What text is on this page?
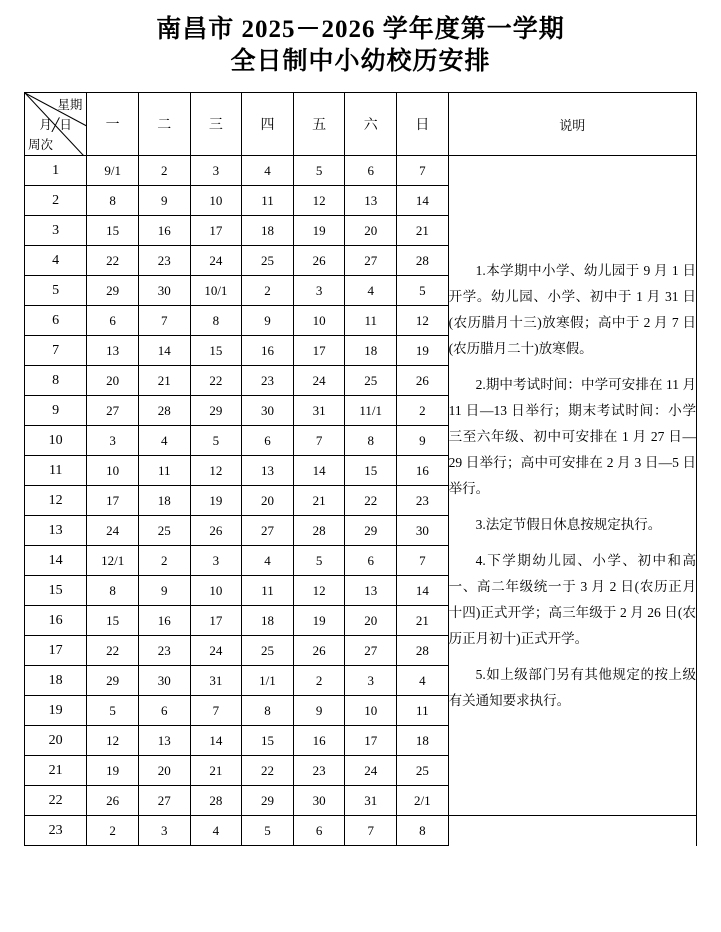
南昌市 2025－2026 学年度第一学期
全日制中小幼校历安排
星期
月╱日
周次	一	二	三	四	五	六	日	说明
1	9/1	2	3	4	5	6	7	1.本学期中小学、幼儿园于 9 月 1 日开学。幼儿园、小学、初中于 1 月 31 日(农历腊月十三)放寒假；高中于 2 月 7 日(农历腊月二十)放寒假。

2.期中考试时间：中学可安排在 11 月 11 日—13 日举行；期末考试时间：小学三至六年级、初中可安排在 1 月 27 日—29 日举行；高中可安排在 2 月 3 日—5 日举行。

3.法定节假日休息按规定执行。

4.下学期幼儿园、小学、初中和高一、高二年级统一于 3 月 2 日(农历正月十四)正式开学；高三年级于 2 月 26 日(农历正月初十)正式开学。

5.如上级部门另有其他规定的按上级有关通知要求执行。

2	8	9	10	11	12	13	14	
3	15	16	17	18	19	20	21	
4	22	23	24	25	26	27	28	
5	29	30	10/1	2	3	4	5	
6	6	7	8	9	10	11	12	
7	13	14	15	16	17	18	19	
8	20	21	22	23	24	25	26	
9	27	28	29	30	31	11/1	2	
10	3	4	5	6	7	8	9	
11	10	11	12	13	14	15	16	
12	17	18	19	20	21	22	23	
13	24	25	26	27	28	29	30	
14	12/1	2	3	4	5	6	7	
15	8	9	10	11	12	13	14	
16	15	16	17	18	19	20	21	
17	22	23	24	25	26	27	28	
18	29	30	31	1/1	2	3	4	
19	5	6	7	8	9	10	11	
20	12	13	14	15	16	17	18	
21	19	20	21	22	23	24	25	
22	26	27	28	29	30	31	2/1	
23	2	3	4	5	6	7	8	
